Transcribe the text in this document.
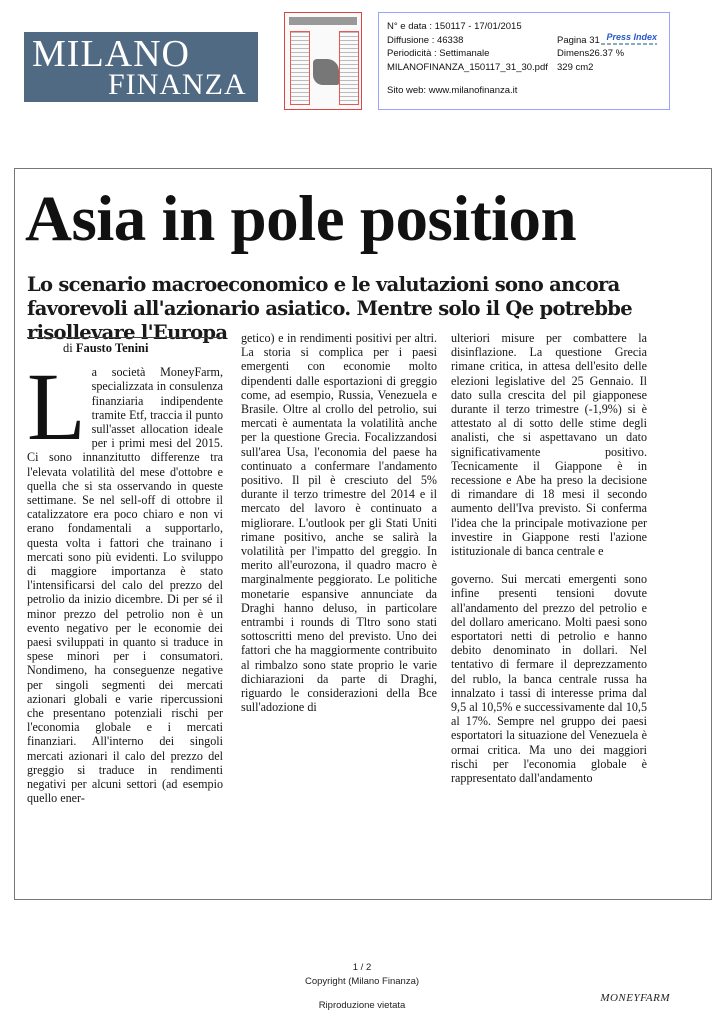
MILANO
FINANZA
N° e data : 150117 - 17/01/2015
Diffusione : 46338	Pagina 31
Periodicità : Settimanale	Dimens26.37 %
MILANOFINANZA_150117_31_30.pdf 329 cm2
Sito web: www.milanofinanza.it
Press Index
Asia in pole position
Lo scenario macroeconomico e le valutazioni sono ancora favorevoli all'azionario asiatico. Mentre solo il Qe potrebbe risollevare l'Europa
di Fausto Tenini
L a società MoneyFarm, specializzata in consulenza finanziaria indipendente tramite Etf, traccia il punto sull'asset allocation ideale per i primi mesi del 2015. Ci sono innanzitutto differenze tra l'elevata volatilità del mese d'ottobre e quella che si sta osservando in queste settimane. Se nel sell-off di ottobre il catalizzatore era poco chiaro e non vi erano fondamentali a supportarlo, questa volta i fattori che trainano i mercati sono più evidenti. Lo sviluppo di maggiore importanza è stato l'intensificarsi del calo del prezzo del petrolio da inizio dicembre. Di per sé il minor prezzo del petrolio non è un evento negativo per le economie dei paesi sviluppati in quanto si traduce in spese minori per i consumatori. Nondimeno, ha conseguenze negative per singoli segmenti dei mercati azionari globali e varie ripercussioni che presentano potenziali rischi per l'economia globale e i mercati finanziari. All'interno dei singoli mercati azionari il calo del prezzo del greggio si traduce in rendimenti negativi per alcuni settori (ad esempio quello ener-

getico) e in rendimenti positivi per altri. La storia si complica per i paesi emergenti con economie molto dipendenti dalle esportazioni di greggio come, ad esempio, Russia, Venezuela e Brasile. Oltre al crollo del petrolio, sui mercati è aumentata la volatilità anche per la questione Grecia. Focalizzandosi sull'area Usa, l'economia del paese ha continuato a confermare l'andamento positivo. Il pil è cresciuto del 5% durante il terzo trimestre del 2014 e il mercato del lavoro è continuato a migliorare. L'outlook per gli Stati Uniti rimane positivo, anche se salirà la volatilità per l'impatto del greggio. In merito all'eurozona, il quadro macro è marginalmente peggiorato. Le politiche monetarie espansive annunciate da Draghi hanno deluso, in particolare entrambi i rounds di Tltro sono stati sottoscritti meno del previsto. Uno dei fattori che ha maggiormente contribuito al rimbalzo sono state proprio le varie dichiarazioni da parte di Draghi, riguardo le considerazioni della Bce sull'adozione di

ulteriori misure per combattere la disinflazione. La questione Grecia rimane critica, in attesa dell'esito delle elezioni legislative del 25 Gennaio. Il dato sulla crescita del pil giapponese durante il terzo trimestre (-1,9%) si è attestato al di sotto delle stime degli analisti, che si aspettavano un dato significativamente positivo. Tecnicamente il Giappone è in recessione e Abe ha preso la decisione di rimandare di 18 mesi il secondo aumento dell'Iva previsto. Si conferma l'idea che la principale motivazione per investire in Giappone resti l'azione istituzionale di banca centrale e

governo. Sui mercati emergenti sono infine presenti tensioni dovute all'andamento del prezzo del petrolio e del dollaro americano. Molti paesi sono esportatori netti di petrolio e hanno debito denominato in dollari. Nel tentativo di fermare il deprezzamento del rublo, la banca centrale russa ha innalzato i tassi di interesse prima dal 9,5 al 10,5% e successivamente dal 10,5 al 17%. Sempre nel gruppo dei paesi esportatori la situazione del Venezuela è ormai critica. Ma uno dei maggiori rischi per l'economia globale è rappresentato dall'andamento

1 / 2
Copyright (Milano Finanza)
Riproduzione vietata
MONEYFARM
